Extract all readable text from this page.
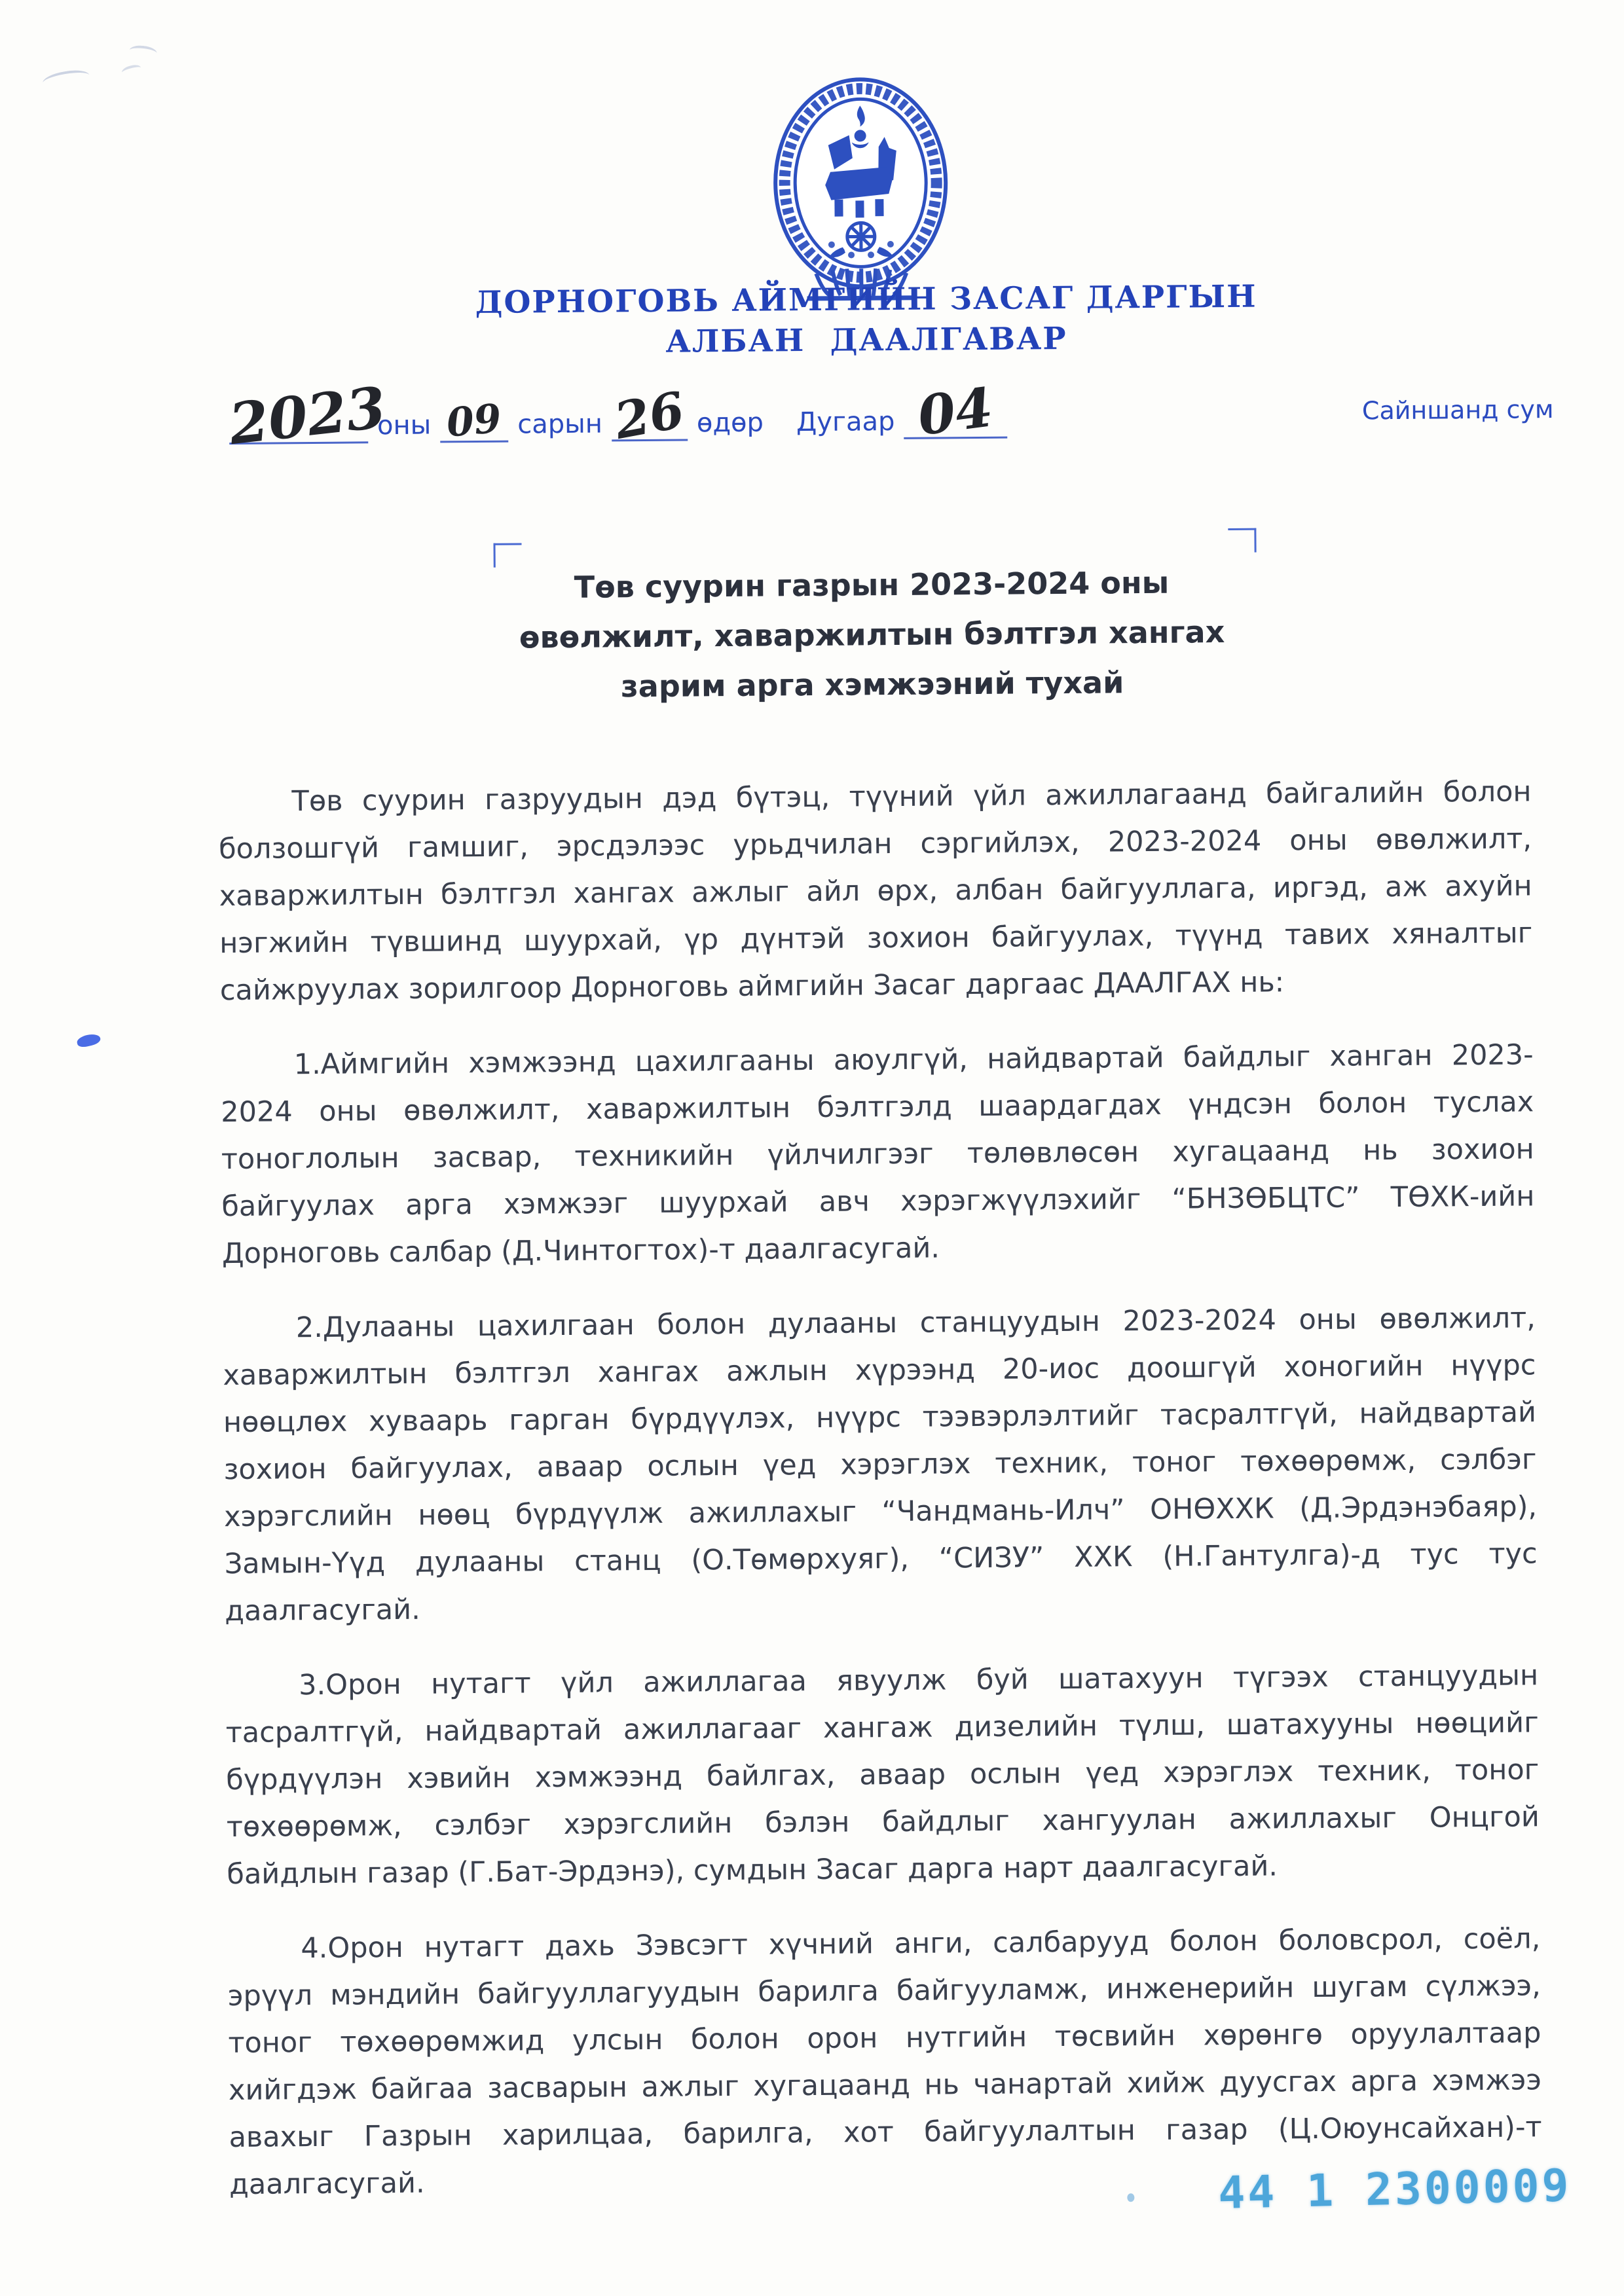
ДОРНОГОВЬ АЙМГИЙН ЗАСАГ ДАРГЫН
АЛБАН ДААЛГАВАР
2023
оны 09 сарын 26 өдөр Дугаар 04	Сайншанд сум
Төв суурин газрын 2023-2024 оны
өвөлжилт, хаваржилтын бэлтгэл хангах
зарим арга хэмжээний тухай
Төв суурин газруудын дэд бүтэц, түүний үйл ажиллагаанд байгалийн болон
болзошгүй гамшиг, эрсдэлээс урьдчилан сэргийлэх, 2023-2024 оны өвөлжилт,
хаваржилтын бэлтгэл хангах ажлыг айл өрх, албан байгууллага, иргэд, аж ахуйн
нэгжийн түвшинд шуурхай, үр дүнтэй зохион байгуулах, түүнд тавих хяналтыг
сайжруулах зорилгоор Дорноговь аймгийн Засаг даргаас ДААЛГАХ нь:
1.Аймгийн хэмжээнд цахилгааны аюулгүй, найдвартай байдлыг ханган 2023-
2024 оны өвөлжилт, хаваржилтын бэлтгэлд шаардагдах үндсэн болон туслах
тоноглолын засвар, техникийн үйлчилгээг төлөвлөсөн хугацаанд нь зохион
байгуулах арга хэмжээг шуурхай авч хэрэгжүүлэхийг “БНЗӨБЦТС” ТӨХК-ийн
Дорноговь салбар (Д.Чинтогтох)-т даалгасугай.
2.Дулааны цахилгаан болон дулааны станцуудын 2023-2024 оны өвөлжилт,
хаваржилтын бэлтгэл хангах ажлын хүрээнд 20-иос доошгүй хоногийн нүүрс
нөөцлөх хуваарь гарган бүрдүүлэх, нүүрс тээвэрлэлтийг тасралтгүй, найдвартай
зохион байгуулах, аваар ослын үед хэрэглэх техник, тоног төхөөрөмж, сэлбэг
хэрэгслийн нөөц бүрдүүлж ажиллахыг “Чандмань-Илч” ОНӨХХК (Д.Эрдэнэбаяр),
Замын-Үүд дулааны станц (О.Төмөрхуяг), “СИЗУ” ХХК (Н.Гантулга)-д тус тус
даалгасугай.
3.Орон нутагт үйл ажиллагаа явуулж буй шатахуун түгээх станцуудын
тасралтгүй, найдвартай ажиллагааг хангаж дизелийн түлш, шатахууны нөөцийг
бүрдүүлэн хэвийн хэмжээнд байлгах, аваар ослын үед хэрэглэх техник, тоног
төхөөрөмж, сэлбэг хэрэгслийн бэлэн байдлыг хангуулан ажиллахыг Онцгой
байдлын газар (Г.Бат-Эрдэнэ), сумдын Засаг дарга нарт даалгасугай.
4.Орон нутагт дахь Зэвсэгт хүчний анги, салбарууд болон боловсрол, соёл,
эрүүл мэндийн байгууллагуудын барилга байгууламж, инженерийн шугам сүлжээ,
тоног төхөөрөмжид улсын болон орон нутгийн төсвийн хөрөнгө оруулалтаар
хийгдэж байгаа засварын ажлыг хугацаанд нь чанартай хийж дуусгах арга хэмжээ
авахыг Газрын харилцаа, барилга, хот байгуулалтын газар (Ц.Оюунсайхан)-т
даалгасугай.	44 1 2300009
